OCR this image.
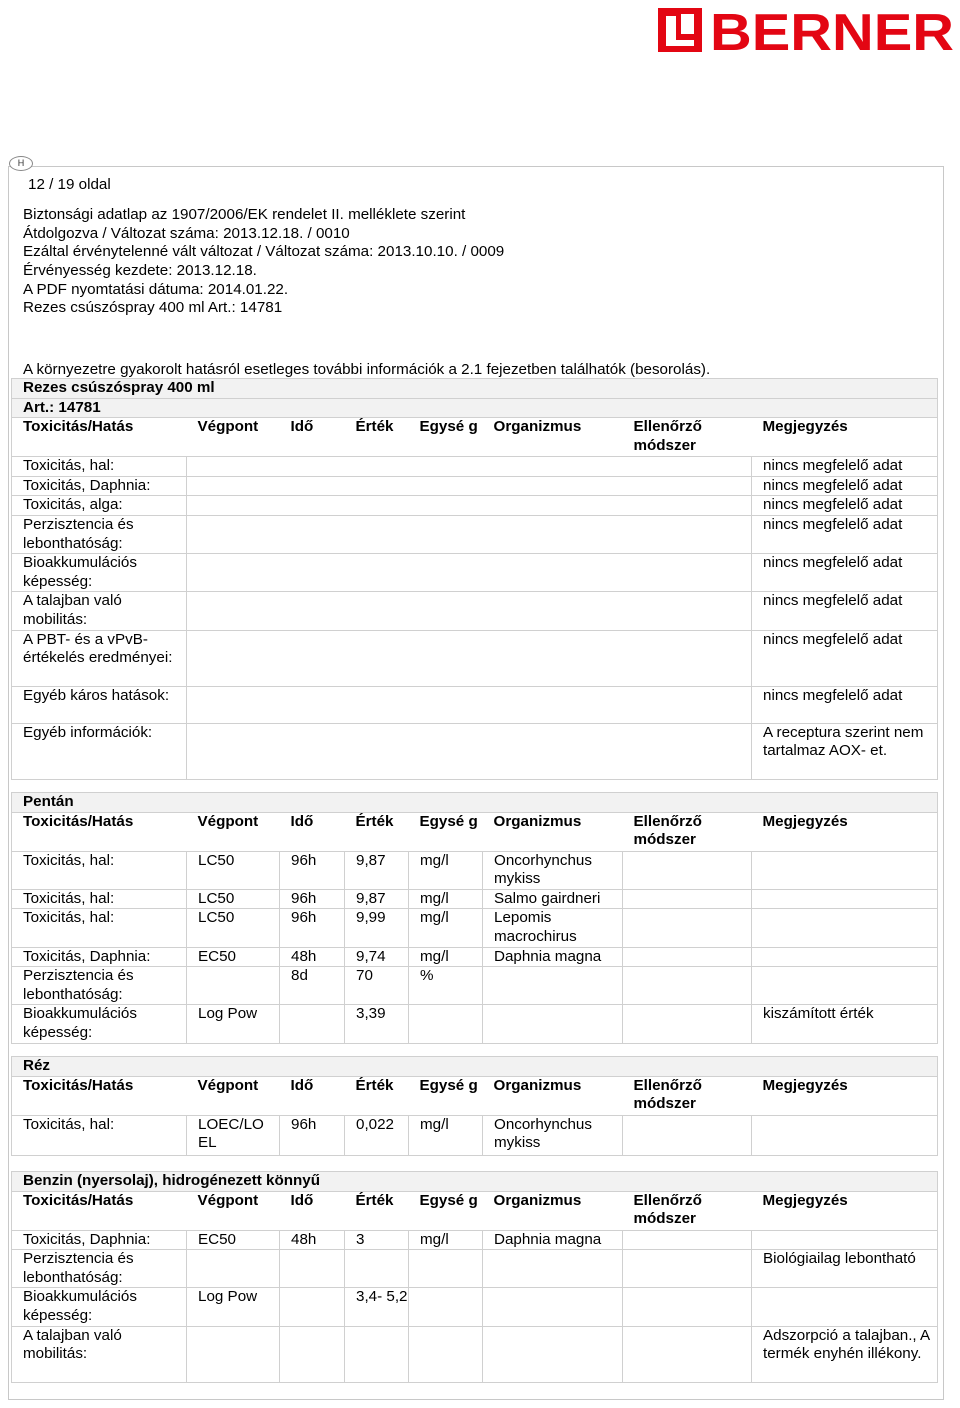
BERNER
H
12 / 19 oldal
Biztonsági adatlap az 1907/2006/EK rendelet II. melléklete szerint
Átdolgozva / Változat száma: 2013.12.18. / 0010
Ezáltal érvénytelenné vált változat / Változat száma: 2013.10.10. / 0009
Érvényesség kezdete: 2013.12.18.
A PDF nyomtatási dátuma: 2014.01.22.
Rezes csúszóspray 400 ml Art.: 14781
A környezetre gyakorolt hatásról esetleges további információk a 2.1 fejezetben találhatók (besorolás).
Rezes csúszóspray 400 ml							
Art.: 14781							
Toxicitás/Hatás	Végpont	Idő	Érték	Egysé g	Organizmus	Ellenőrző módszer	Megjegyzés
Toxicitás, hal:							nincs megfelelő adat
Toxicitás, Daphnia:							nincs megfelelő adat
Toxicitás, alga:							nincs megfelelő adat
Perzisztencia és lebonthatóság:							nincs megfelelő adat
Bioakkumulációs képesség:							nincs megfelelő adat
A talajban való mobilitás:							nincs megfelelő adat
A PBT- és a vPvB- értékelés eredményei:							nincs megfelelő adat
Egyéb káros hatások:							nincs megfelelő adat
Egyéb információk:							A receptura szerint nem tartalmaz AOX- et.
Pentán							
Toxicitás/Hatás	Végpont	Idő	Érték	Egysé g	Organizmus	Ellenőrző módszer	Megjegyzés
Toxicitás, hal:	LC50	96h	9,87	mg/l	Oncorhynchus mykiss		
Toxicitás, hal:	LC50	96h	9,87	mg/l	Salmo gairdneri		
Toxicitás, hal:	LC50	96h	9,99	mg/l	Lepomis macrochirus		
Toxicitás, Daphnia:	EC50	48h	9,74	mg/l	Daphnia magna		
Perzisztencia és lebonthatóság:		8d	70	%			
Bioakkumulációs képesség:	Log Pow		3,39				kiszámított érték
Réz							
Toxicitás/Hatás	Végpont	Idő	Érték	Egysé g	Organizmus	Ellenőrző módszer	Megjegyzés
Toxicitás, hal:	LOEC/LO EL	96h	0,022	mg/l	Oncorhynchus mykiss		
Benzin (nyersolaj), hidrogénezett könnyű							
Toxicitás/Hatás	Végpont	Idő	Érték	Egysé g	Organizmus	Ellenőrző módszer	Megjegyzés
Toxicitás, Daphnia:	EC50	48h	3	mg/l	Daphnia magna		
Perzisztencia és lebonthatóság:							Biológiailag lebontható
Bioakkumulációs képesség:	Log Pow		3,4- 5,2				
A talajban való mobilitás:							Adszorpció a talajban., A termék enyhén illékony.
